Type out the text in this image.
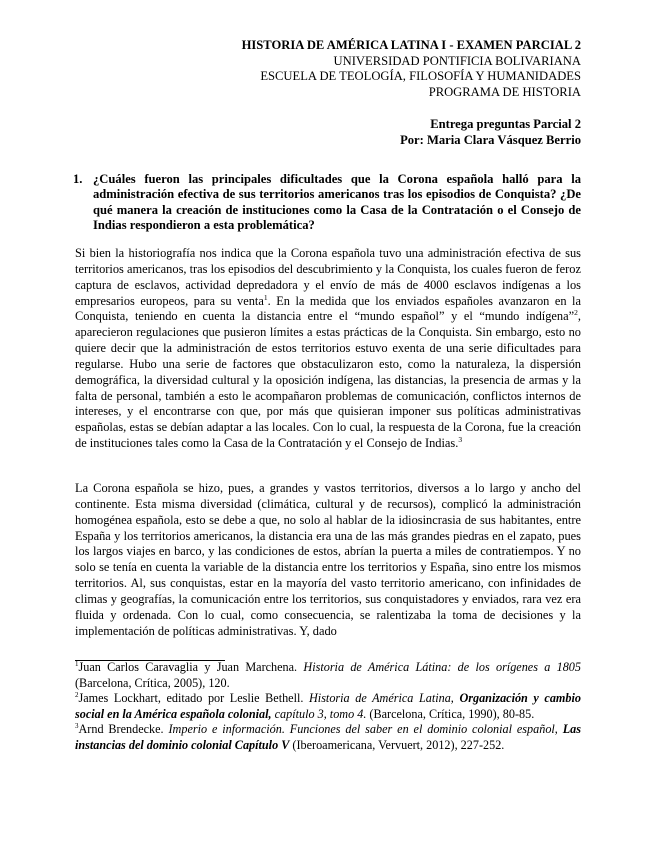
HISTORIA DE AMÉRICA LATINA I - EXAMEN PARCIAL 2
UNIVERSIDAD PONTIFICIA BOLIVARIANA
ESCUELA DE TEOLOGÍA, FILOSOFÍA Y HUMANIDADES
PROGRAMA DE HISTORIA
Entrega preguntas Parcial 2
Por: Maria Clara Vásquez Berrio
1. ¿Cuáles fueron las principales dificultades que la Corona española halló para la administración efectiva de sus territorios americanos tras los episodios de Conquista? ¿De qué manera la creación de instituciones como la Casa de la Contratación o el Consejo de Indias respondieron a esta problemática?
Si bien la historiografía nos indica que la Corona española tuvo una administración efectiva de sus territorios americanos, tras los episodios del descubrimiento y la Conquista, los cuales fueron de feroz captura de esclavos, actividad depredadora y el envío de más de 4000 esclavos indígenas a los empresarios europeos, para su venta$^1$. En la medida que los enviados españoles avanzaron en la Conquista, teniendo en cuenta la distancia entre el “mundo español” y el “mundo indígena”$^2$, aparecieron regulaciones que pusieron límites a estas prácticas de la Conquista. Sin embargo, esto no quiere decir que la administración de estos territorios estuvo exenta de una serie dificultades para regularse. Hubo una serie de factores que obstaculizaron esto, como la naturaleza, la dispersión demográfica, la diversidad cultural y la oposición indígena, las distancias, la presencia de armas y la falta de personal, también a esto le acompañaron problemas de comunicación, conflictos internos de intereses, y el encontrarse con que, por más que quisieran imponer sus políticas administrativas españolas, estas se debían adaptar a las locales. Con lo cual, la respuesta de la Corona, fue la creación de instituciones tales como la Casa de la Contratación y el Consejo de Indias.$^3$
La Corona española se hizo, pues, a grandes y vastos territorios, diversos a lo largo y ancho del continente. Esta misma diversidad (climática, cultural y de recursos), complicó la administración homogénea española, esto se debe a que, no solo al hablar de la idiosincrasia de sus habitantes, entre España y los territorios americanos, la distancia era una de las más grandes piedras en el zapato, pues los largos viajes en barco, y las condiciones de estos, abrían la puerta a miles de contratiempos. Y no solo se tenía en cuenta la variable de la distancia entre los territorios y España, sino entre los mismos territorios. Al, sus conquistas, estar en la mayoría del vasto territorio americano, con infinidades de climas y geografías, la comunicación entre los territorios, sus conquistadores y enviados, rara vez era fluida y ordenada. Con lo cual, como consecuencia, se ralentizaba la toma de decisiones y la implementación de políticas administrativas. Y, dado

$^1$Juan Carlos Caravaglia y Juan Marchena. Historia de América Látina: de los orígenes a 1805 (Barcelona, Crítica, 2005), 120.

$^2$James Lockhart, editado por Leslie Bethell. Historia de América Latina, Organización y cambio social en la América española colonial, capítulo 3, tomo 4. (Barcelona, Crítica, 1990), 80-85.

$^3$Arnd Brendecke. Imperio e información. Funciones del saber en el dominio colonial español, Las instancias del dominio colonial Capítulo V (Iberoamericana, Vervuert, 2012), 227-252.
